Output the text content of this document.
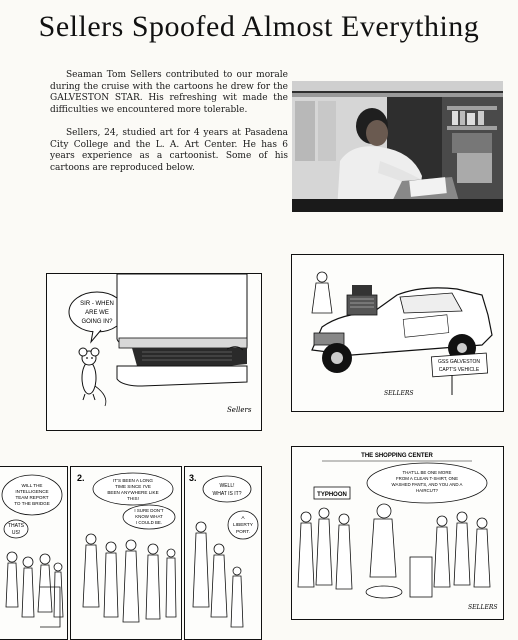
Sellers Spoofed Almost Everything

Seaman Tom Sellers contributed to our morale during the cruise with the cartoons he drew for the GALVESTON STAR. His refreshing wit made the difficulties we encountered more tolerable.

Sellers, 24, studied art for 4 years at Pasadena City College and the L. A. Art Center. He has 6 years experience as a cartoonist. Some of his cartoons are reproduced below.

SIR - WHEN
ARE WE
GOING IN?
Sellers
GSS GALVESTON
CAPT'S VEHICLE
SELLERS
WILL THE
INTELLIGENCE
TEAM REPORT
TO THE BRIDGE
THATS
US!
2.	IT'S BEEN A LONG
TIME SINCE I'VE
BEEN ANYWHERE LIKE
THIS!
I SURE DON'T
KNOW WHAT
I COULD BE.
3.
WELL!
WHAT IS IT?
A
LIBERTY
PORT.
THE SHOPPING CENTER
THAT'LL BE ONE MORE
FROM A CLEAN T-SHIRT, ONE
WASHED PANTS, AND YOU AND A
HAIRCUT?
TYPHOON
SELLERS
